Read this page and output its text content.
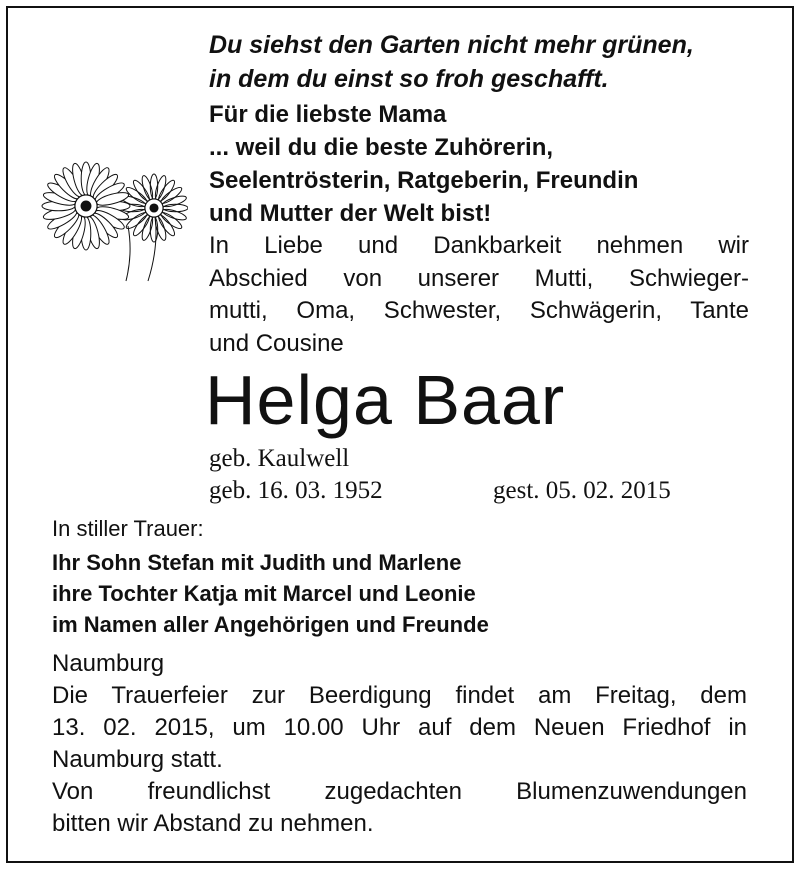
Du siehst den Garten nicht mehr grünen,
in dem du einst so froh geschafft.
Für die liebste Mama
... weil du die beste Zuhörerin,
Seelentrösterin, Ratgeberin, Freundin
und Mutter der Welt bist!
In Liebe und Dankbarkeit nehmen wir
Abschied von unserer Mutti, Schwieger-
mutti, Oma, Schwester, Schwägerin, Tante
und Cousine
Helga Baar
geb. Kaulwell
geb. 16. 03. 1952	gest. 05. 02. 2015
In stiller Trauer:
Ihr Sohn Stefan mit Judith und Marlene
ihre Tochter Katja mit Marcel und Leonie
im Namen aller Angehörigen und Freunde
Naumburg
Die Trauerfeier zur Beerdigung findet am Freitag, dem
13. 02. 2015, um 10.00 Uhr auf dem Neuen Friedhof in
Naumburg statt.
Von freundlichst zugedachten Blumenzuwendungen
bitten wir Abstand zu nehmen.
